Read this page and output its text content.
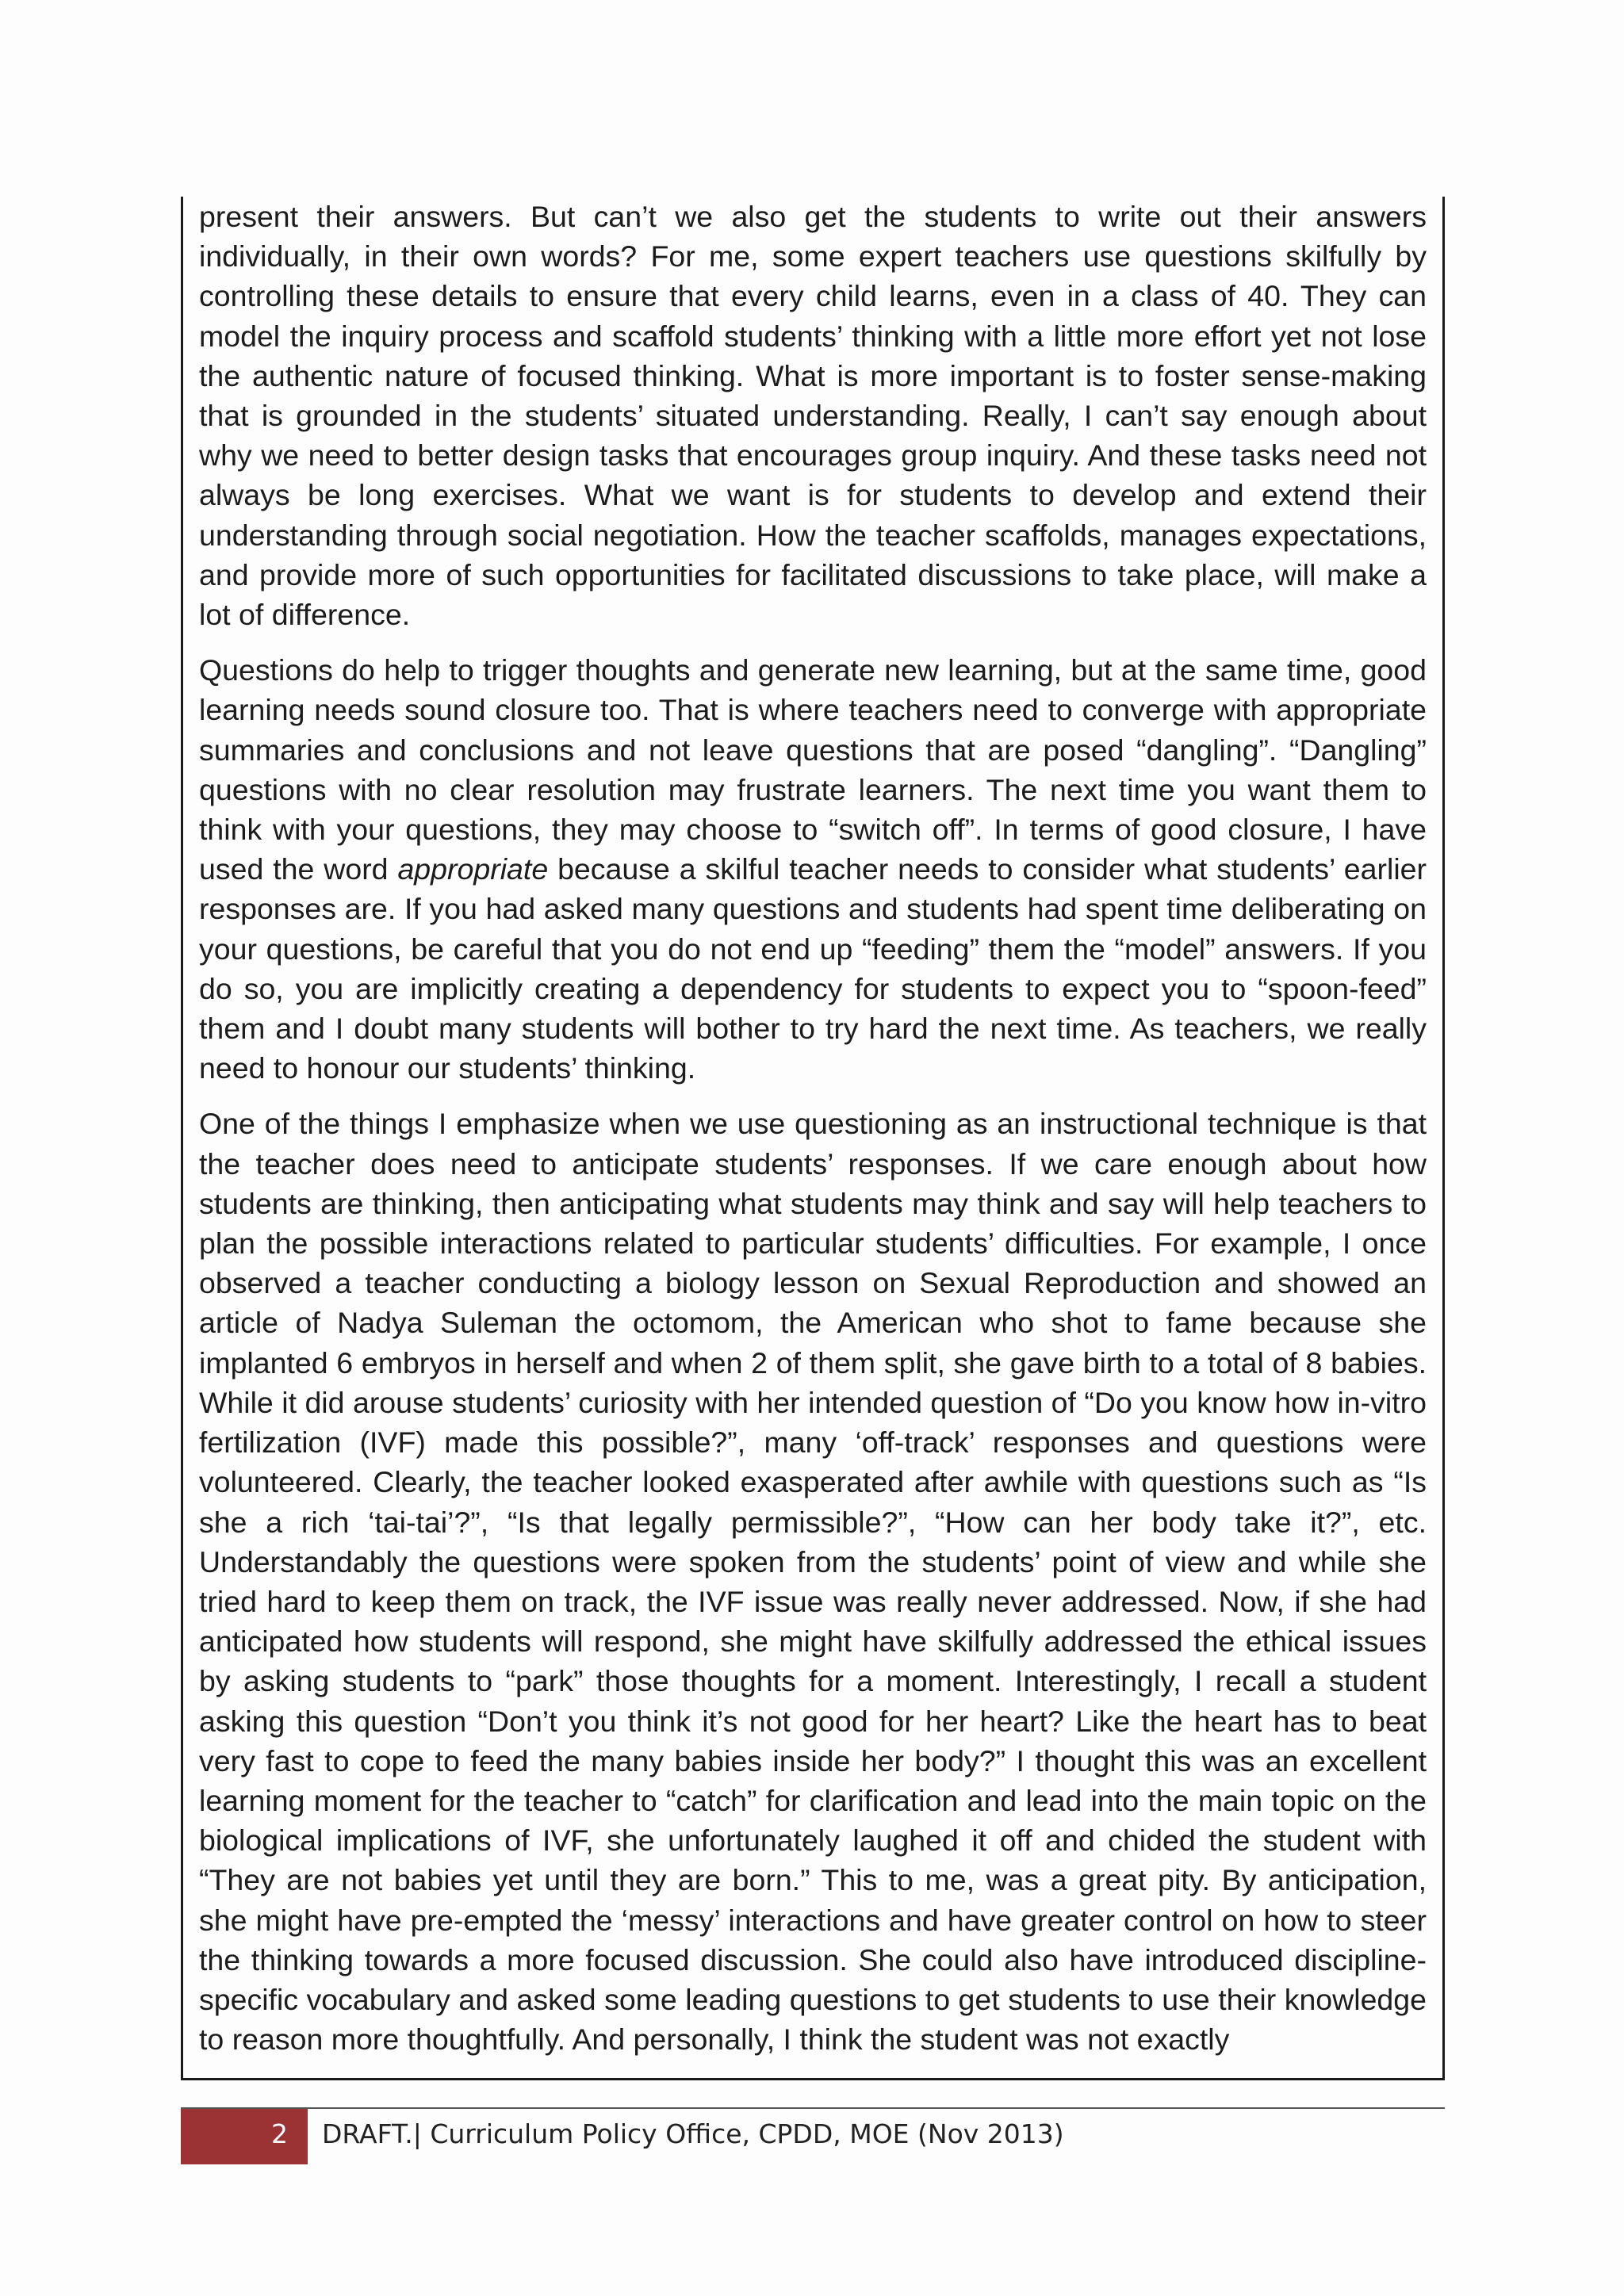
present their answers. But can’t we also get the students to write out their answers individually, in their own words? For me, some expert teachers use questions skilfully by controlling these details to ensure that every child learns, even in a class of 40. They can model the inquiry process and scaffold students’ thinking with a little more effort yet not lose the authentic nature of focused thinking. What is more important is to foster sense-making that is grounded in the students’ situated understanding. Really, I can’t say enough about why we need to better design tasks that encourages group inquiry. And these tasks need not always be long exercises. What we want is for students to develop and extend their understanding through social negotiation. How the teacher scaffolds, manages expectations, and provide more of such opportunities for facilitated discussions to take place, will make a lot of difference.

Questions do help to trigger thoughts and generate new learning, but at the same time, good learning needs sound closure too. That is where teachers need to converge with appropriate summaries and conclusions and not leave questions that are posed “dangling”. “Dangling” questions with no clear resolution may frustrate learners. The next time you want them to think with your questions, they may choose to “switch off”. In terms of good closure, I have used the word appropriate because a skilful teacher needs to consider what students’ earlier responses are. If you had asked many questions and students had spent time deliberating on your questions, be careful that you do not end up “feeding” them the “model” answers. If you do so, you are implicitly creating a dependency for students to expect you to “spoon-feed” them and I doubt many students will bother to try hard the next time. As teachers, we really need to honour our students’ thinking.

One of the things I emphasize when we use questioning as an instructional technique is that the teacher does need to anticipate students’ responses. If we care enough about how students are thinking, then anticipating what students may think and say will help teachers to plan the possible interactions related to particular students’ difficulties. For example, I once observed a teacher conducting a biology lesson on Sexual Reproduction and showed an article of Nadya Suleman the octomom, the American who shot to fame because she implanted 6 embryos in herself and when 2 of them split, she gave birth to a total of 8 babies. While it did arouse students’ curiosity with her intended question of “Do you know how in-vitro fertilization (IVF) made this possible?”, many ‘off-track’ responses and questions were volunteered. Clearly, the teacher looked exasperated after awhile with questions such as “Is she a rich ‘tai-tai’?”, “Is that legally permissible?”, “How can her body take it?”, etc. Understandably the questions were spoken from the students’ point of view and while she tried hard to keep them on track, the IVF issue was really never addressed. Now, if she had anticipated how students will respond, she might have skilfully addressed the ethical issues by asking students to “park” those thoughts for a moment. Interestingly, I recall a student asking this question “Don’t you think it’s not good for her heart? Like the heart has to beat very fast to cope to feed the many babies inside her body?” I thought this was an excellent learning moment for the teacher to “catch” for clarification and lead into the main topic on the biological implications of IVF, she unfortunately laughed it off and chided the student with “They are not babies yet until they are born.” This to me, was a great pity. By anticipation, she might have pre-empted the ‘messy’ interactions and have greater control on how to steer the thinking towards a more focused discussion. She could also have introduced discipline-specific vocabulary and asked some leading questions to get students to use their knowledge to reason more thoughtfully. And personally, I think the student was not exactly

2 DRAFT.| Curriculum Policy Office, CPDD, MOE (Nov 2013)
